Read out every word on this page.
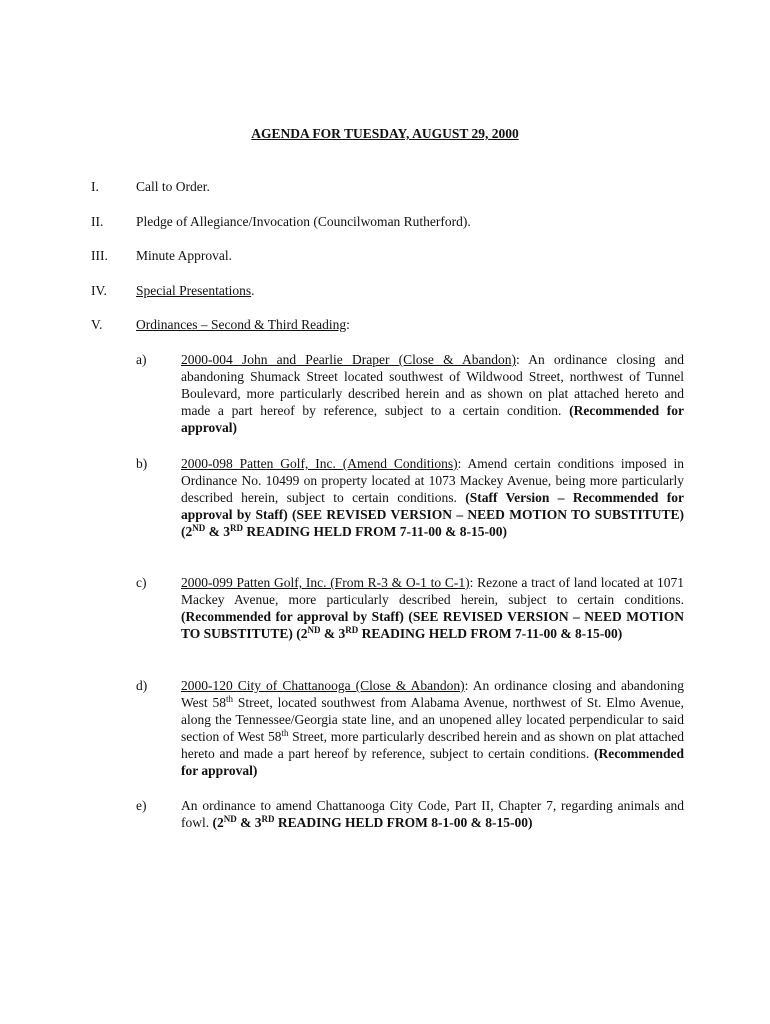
AGENDA FOR TUESDAY, AUGUST 29, 2000
I.	Call to Order.
II.	Pledge of Allegiance/Invocation (Councilwoman Rutherford).
III.	Minute Approval.
IV.	Special Presentations.
V.	Ordinances – Second & Third Reading:
a)	2000-004 John and Pearlie Draper (Close & Abandon): An ordinance closing and abandoning Shumack Street located southwest of Wildwood Street, northwest of Tunnel Boulevard, more particularly described herein and as shown on plat attached hereto and made a part hereof by reference, subject to a certain condition. (Recommended for approval)
b)	2000-098 Patten Golf, Inc. (Amend Conditions): Amend certain conditions imposed in Ordinance No. 10499 on property located at 1073 Mackey Avenue, being more particularly described herein, subject to certain conditions. (Staff Version – Recommended for approval by Staff) (SEE REVISED VERSION – NEED MOTION TO SUBSTITUTE) (2ND & 3RD READING HELD FROM 7-11-00 & 8-15-00)
c)	2000-099 Patten Golf, Inc. (From R-3 & O-1 to C-1): Rezone a tract of land located at 1071 Mackey Avenue, more particularly described herein, subject to certain conditions. (Recommended for approval by Staff) (SEE REVISED VERSION – NEED MOTION TO SUBSTITUTE) (2ND & 3RD READING HELD FROM 7-11-00 & 8-15-00)
d)	2000-120 City of Chattanooga (Close & Abandon): An ordinance closing and abandoning West 58th Street, located southwest from Alabama Avenue, northwest of St. Elmo Avenue, along the Tennessee/Georgia state line, and an unopened alley located perpendicular to said section of West 58th Street, more particularly described herein and as shown on plat attached hereto and made a part hereof by reference, subject to certain conditions. (Recommended for approval)
e)	An ordinance to amend Chattanooga City Code, Part II, Chapter 7, regarding animals and fowl. (2ND & 3RD READING HELD FROM 8-1-00 & 8-15-00)
